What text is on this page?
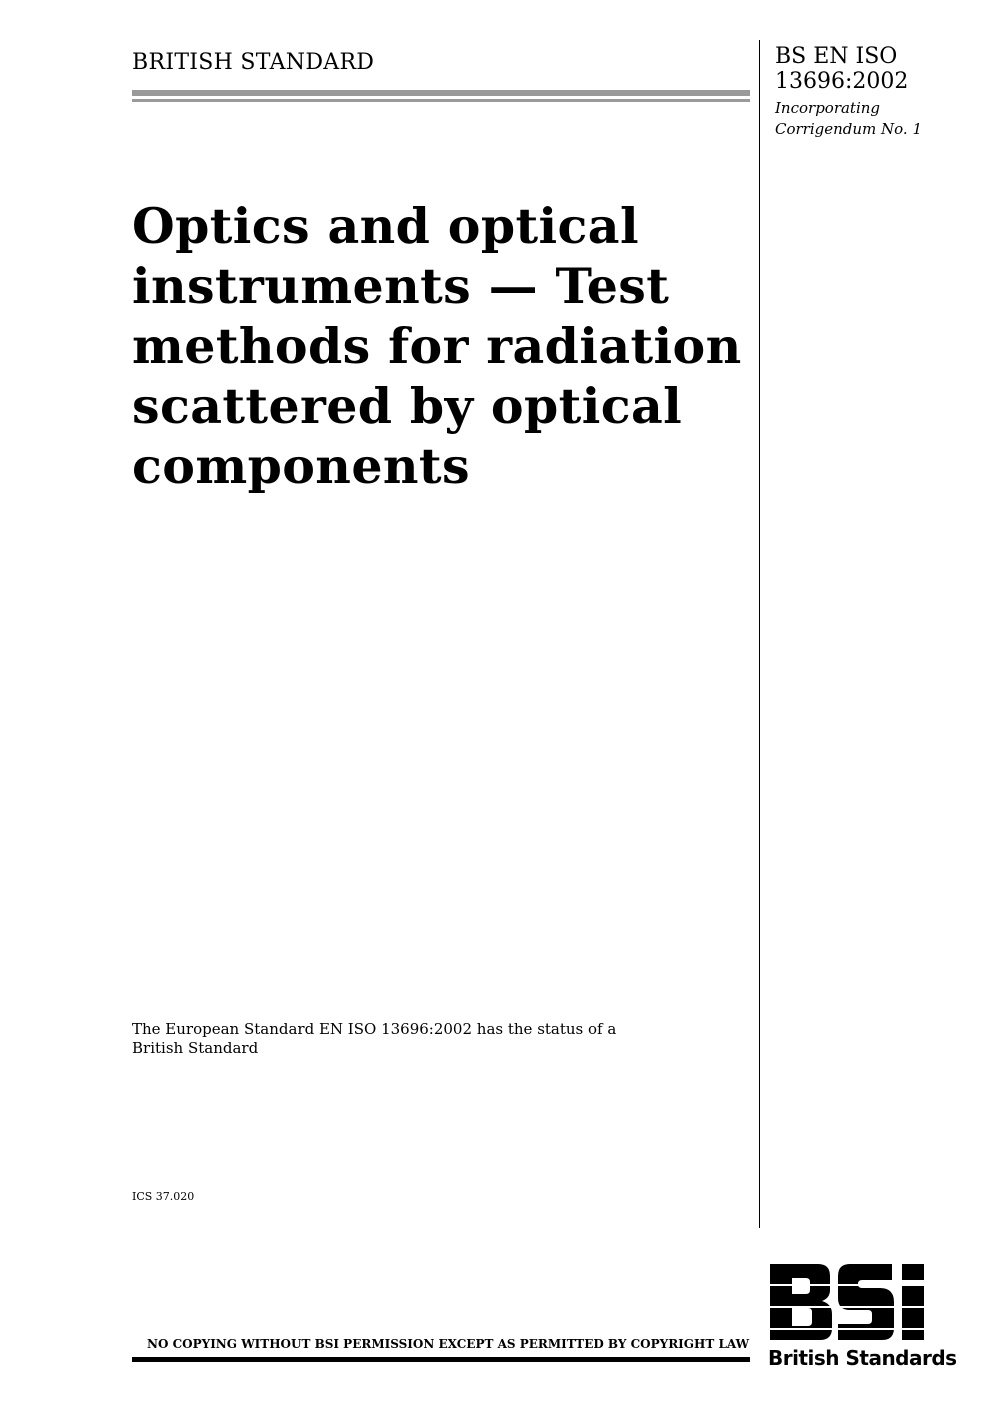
BRITISH STANDARD	BS EN ISO
13696:2002
Incorporating
Corrigendum No. 1
Optics and optical
instruments — Test
methods for radiation
scattered by optical
components
The European Standard EN ISO 13696:2002 has the status of a
British Standard
ICS 37.020
NO COPYING WITHOUT BSI PERMISSION EXCEPT AS PERMITTED BY COPYRIGHT LAW
British Standards
